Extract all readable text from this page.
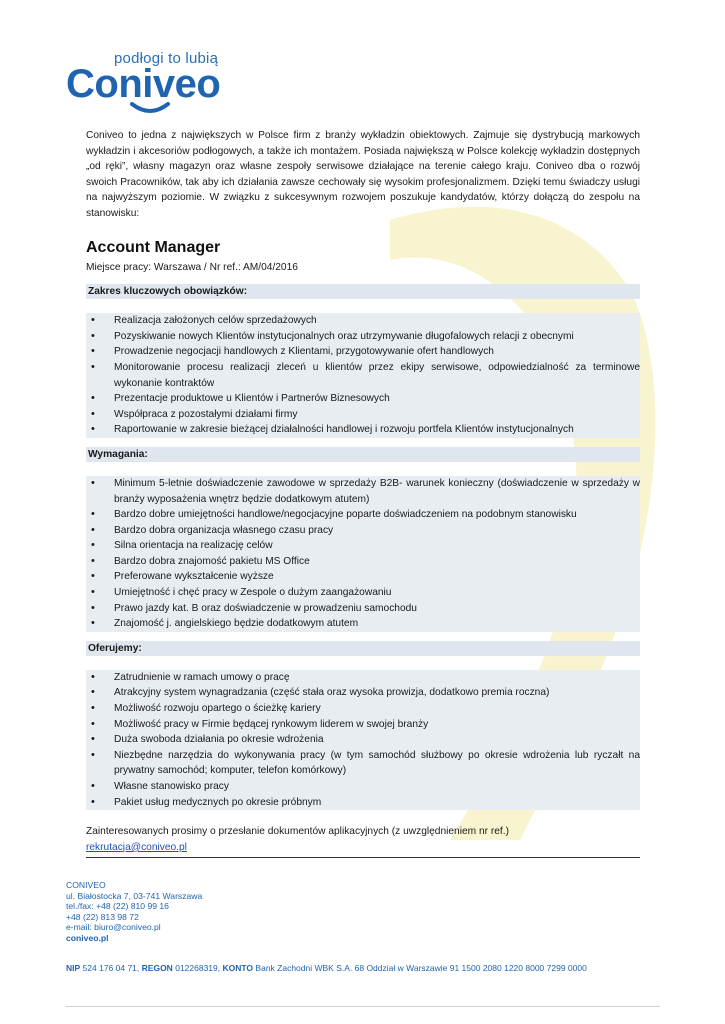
podłogi to lubią
Coniveo

Coniveo to jedna z największych w Polsce firm z branży wykładzin obiektowych. Zajmuje się dystrybucją markowych wykładzin i akcesoriów podłogowych, a także ich montażem. Posiada największą w Polsce kolekcję wykładzin dostępnych „od ręki”, własny magazyn oraz własne zespoły serwisowe działające na terenie całego kraju. Coniveo dba o rozwój swoich Pracowników, tak aby ich działania zawsze cechowały się wysokim profesjonalizmem. Dzięki temu świadczy usługi na najwyższym poziomie. W związku z sukcesywnym rozwojem poszukuje kandydatów, którzy dołączą do zespołu na stanowisku:

Account Manager
Miejsce pracy: Warszawa / Nr ref.: AM/04/2016
Zakres kluczowych obowiązków:
• Realizacja założonych celów sprzedażowych
• Pozyskiwanie nowych Klientów instytucjonalnych oraz utrzymywanie długofalowych relacji z obecnymi
• Prowadzenie negocjacji handlowych z Klientami, przygotowywanie ofert handlowych
• Monitorowanie procesu realizacji zleceń u klientów przez ekipy serwisowe, odpowiedzialność za terminowe wykonanie kontraktów
• Prezentacje produktowe u Klientów i Partnerów Biznesowych
• Współpraca z pozostałymi działami firmy
• Raportowanie w zakresie bieżącej działalności handlowej i rozwoju portfela Klientów instytucjonalnych
Wymagania:
• Minimum 5-letnie doświadczenie zawodowe w sprzedaży B2B- warunek konieczny (doświadczenie w sprzedaży w branży wyposażenia wnętrz będzie dodatkowym atutem)
• Bardzo dobre umiejętności handlowe/negocjacyjne poparte doświadczeniem na podobnym stanowisku
• Bardzo dobra organizacja własnego czasu pracy
• Silna orientacja na realizację celów
• Bardzo dobra znajomość pakietu MS Office
• Preferowane wykształcenie wyższe
• Umiejętność i chęć pracy w Zespole o dużym zaangażowaniu
• Prawo jazdy kat. B oraz doświadczenie w prowadzeniu samochodu
• Znajomość j. angielskiego będzie dodatkowym atutem
Oferujemy:
• Zatrudnienie w ramach umowy o pracę
• Atrakcyjny system wynagradzania (część stała oraz wysoka prowizja, dodatkowo premia roczna)
• Możliwość rozwoju opartego o ścieżkę kariery
• Możliwość pracy w Firmie będącej rynkowym liderem w swojej branży
• Duża swoboda działania po okresie wdrożenia
• Niezbędne narzędzia do wykonywania pracy (w tym samochód służbowy po okresie wdrożenia lub ryczałt na prywatny samochód; komputer, telefon komórkowy)
• Własne stanowisko pracy
• Pakiet usług medycznych po okresie próbnym
Zainteresowanych prosimy o przesłanie dokumentów aplikacyjnych (z uwzględnieniem nr ref.)
rekrutacja@coniveo.pl
CONIVEO
ul. Białostocka 7, 03-741 Warszawa
tel./fax: +48 (22) 810 99 16
+48 (22) 813 98 72
e-mail: biuro@coniveo.pl
coniveo.pl
NIP 524 176 04 71, REGON 012268319, KONTO Bank Zachodni WBK S.A. 68 Oddział w Warszawie 91 1500 2080 1220 8000 7299 0000
